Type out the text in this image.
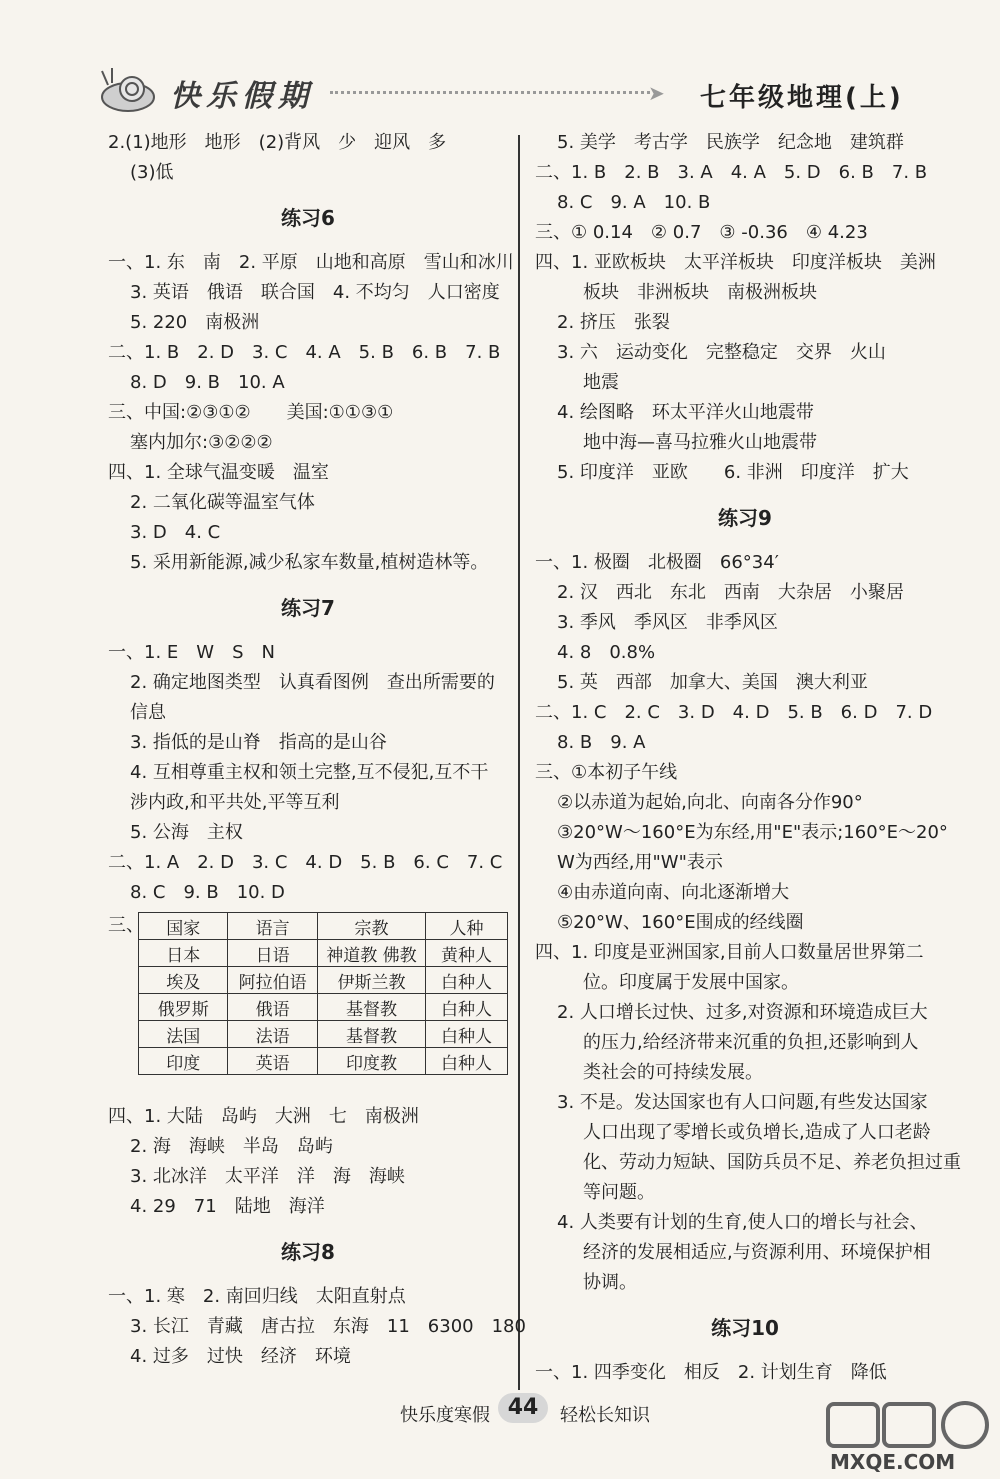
快乐假期	➤ 七年级地理(上)
2.(1)地形　地形　(2)背风　少　迎风　多
(3)低
练习6
一、1. 东　南　2. 平原　山地和高原　雪山和冰川
3. 英语　俄语　联合国　4. 不均匀　人口密度
5. 220　南极洲
二、1. B　2. D　3. C　4. A　5. B　6. B　7. B
8. D　9. B　10. A
三、中国:②③①②　　美国:①①③①
塞内加尔:③②②②
四、1. 全球气温变暖　温室
2. 二氧化碳等温室气体
3. D　4. C
5. 采用新能源,减少私家车数量,植树造林等。
练习7
一、1. E　W　S　N
2. 确定地图类型　认真看图例　查出所需要的
信息
3. 指低的是山脊　指高的是山谷
4. 互相尊重主权和领土完整,互不侵犯,互不干
涉内政,和平共处,平等互利
5. 公海　主权
二、1. A　2. D　3. C　4. D　5. B　6. C　7. C
8. C　9. B　10. D
三、 国家	语言	宗教	人种
日本	日语	神道教 佛教	黄种人
埃及	阿拉伯语	伊斯兰教	白种人
俄罗斯	俄语	基督教	白种人
法国	法语	基督教	白种人
印度	英语	印度教	白种人
四、1. 大陆　岛屿　大洲　七　南极洲
2. 海　海峡　半岛　岛屿
3. 北冰洋　太平洋　洋　海　海峡
4. 29　71　陆地　海洋
练习8
一、1. 寒　2. 南回归线　太阳直射点
3. 长江　青藏　唐古拉　东海　11　6300　180
4. 过多　过快　经济　环境
5. 美学　考古学　民族学　纪念地　建筑群
二、1. B　2. B　3. A　4. A　5. D　6. B　7. B
8. C　9. A　10. B
三、① 0.14　② 0.7　③ -0.36　④ 4.23
四、1. 亚欧板块　太平洋板块　印度洋板块　美洲
板块　非洲板块　南极洲板块
2. 挤压　张裂
3. 六　运动变化　完整稳定　交界　火山
地震
4. 绘图略　环太平洋火山地震带
地中海—喜马拉雅火山地震带
5. 印度洋　亚欧　　6. 非洲　印度洋　扩大
练习9
一、1. 极圈　北极圈　66°34′
2. 汉　西北　东北　西南　大杂居　小聚居
3. 季风　季风区　非季风区
4. 8　0.8%
5. 英　西部　加拿大、美国　澳大利亚
二、1. C　2. C　3. D　4. D　5. B　6. D　7. D
8. B　9. A
三、①本初子午线
②以赤道为起始,向北、向南各分作90°
③20°W～160°E为东经,用"E"表示;160°E～20°
W为西经,用"W"表示
④由赤道向南、向北逐渐增大
⑤20°W、160°E围成的经线圈
四、1. 印度是亚洲国家,目前人口数量居世界第二
位。印度属于发展中国家。
2. 人口增长过快、过多,对资源和环境造成巨大
的压力,给经济带来沉重的负担,还影响到人
类社会的可持续发展。
3. 不是。发达国家也有人口问题,有些发达国家
人口出现了零增长或负增长,造成了人口老龄
化、劳动力短缺、国防兵员不足、养老负担过重
等问题。
4. 人类要有计划的生育,使人口的增长与社会、
经济的发展相适应,与资源利用、环境保护相
协调。
练习10
一、1. 四季变化　相反　2. 计划生育　降低
快乐度寒假 44	轻松长知识
MXQE.COM
